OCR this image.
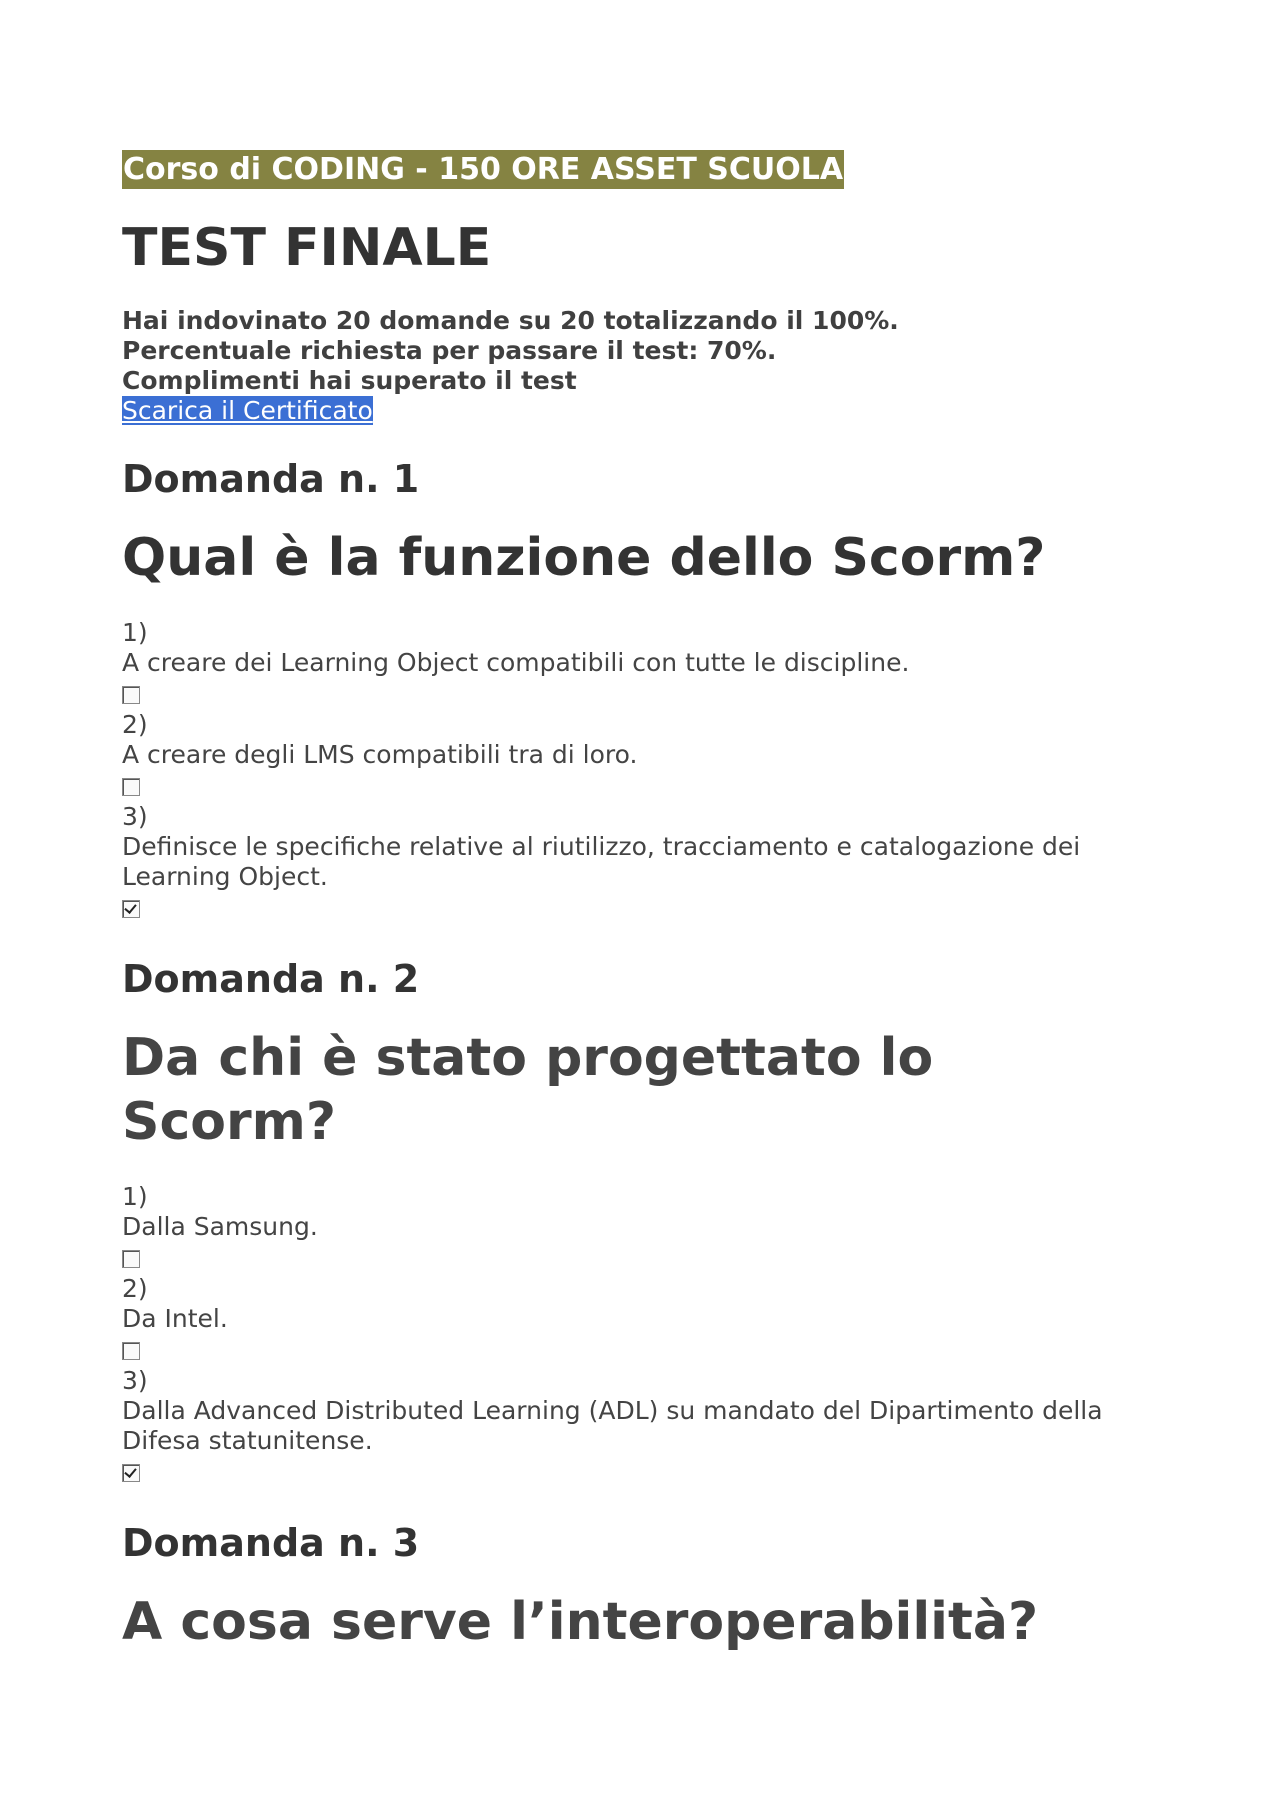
Corso di CODING - 150 ORE ASSET SCUOLA
TEST FINALE
Hai indovinato 20 domande su 20 totalizzando il 100%.
Percentuale richiesta per passare il test: 70%.
Complimenti hai superato il test
Scarica il Certificato
Domanda n. 1
Qual è la funzione dello Scorm?
1)
A creare dei Learning Object compatibili con tutte le discipline.
2)
A creare degli LMS compatibili tra di loro.
3)
Definisce le specifiche relative al riutilizzo, tracciamento e catalogazione dei Learning Object.
Domanda n. 2
Da chi è stato progettato lo Scorm?
1)
Dalla Samsung.
2)
Da Intel.
3)
Dalla Advanced Distributed Learning (ADL) su mandato del Dipartimento della Difesa statunitense.
Domanda n. 3
A cosa serve l’interoperabilità?
